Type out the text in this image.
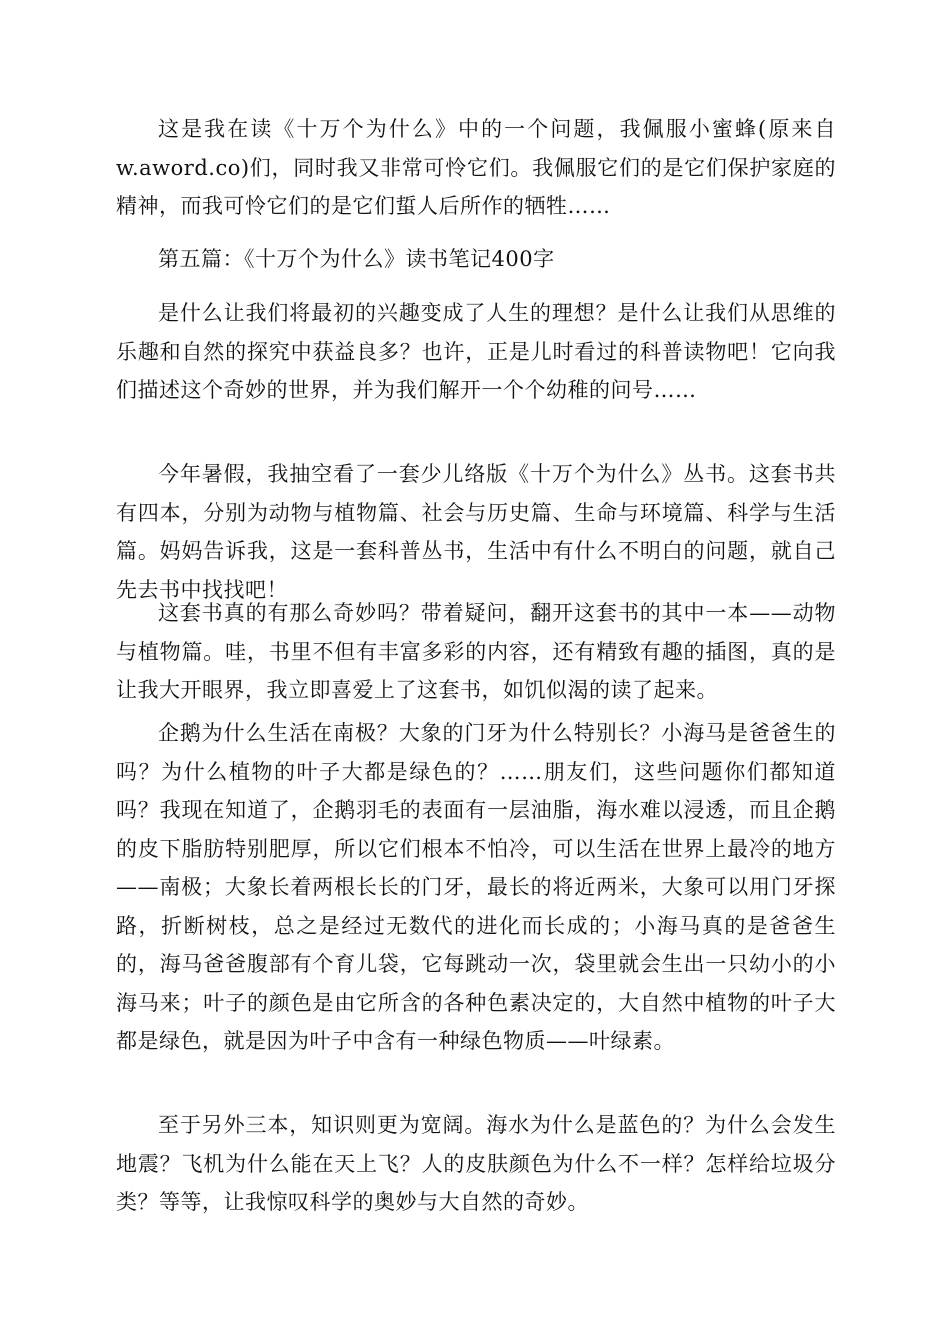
这是我在读《十万个为什么》中的一个问题，我佩服小蜜蜂(原来自w.aword.co)们，同时我又非常可怜它们。我佩服它们的是它们保护家庭的精神，而我可怜它们的是它们蜇人后所作的牺牲……

第五篇：《十万个为什么》读书笔记400字

是什么让我们将最初的兴趣变成了人生的理想？是什么让我们从思维的乐趣和自然的探究中获益良多？也许，正是儿时看过的科普读物吧！它向我们描述这个奇妙的世界，并为我们解开一个个幼稚的问号……

今年暑假，我抽空看了一套少儿络版《十万个为什么》丛书。这套书共有四本，分别为动物与植物篇、社会与历史篇、生命与环境篇、科学与生活篇。妈妈告诉我，这是一套科普丛书，生活中有什么不明白的问题，就自己先去书中找找吧！

这套书真的有那么奇妙吗？带着疑问，翻开这套书的其中一本——动物与植物篇。哇，书里不但有丰富多彩的内容，还有精致有趣的插图，真的是让我大开眼界，我立即喜爱上了这套书，如饥似渴的读了起来。

企鹅为什么生活在南极？大象的门牙为什么特别长？小海马是爸爸生的吗？为什么植物的叶子大都是绿色的？……朋友们，这些问题你们都知道吗？我现在知道了，企鹅羽毛的表面有一层油脂，海水难以浸透，而且企鹅的皮下脂肪特别肥厚，所以它们根本不怕冷，可以生活在世界上最冷的地方——南极；大象长着两根长长的门牙，最长的将近两米，大象可以用门牙探路，折断树枝，总之是经过无数代的进化而长成的；小海马真的是爸爸生的，海马爸爸腹部有个育儿袋，它每跳动一次，袋里就会生出一只幼小的小海马来；叶子的颜色是由它所含的各种色素决定的，大自然中植物的叶子大都是绿色，就是因为叶子中含有一种绿色物质——叶绿素。

至于另外三本，知识则更为宽阔。海水为什么是蓝色的？为什么会发生地震？飞机为什么能在天上飞？人的皮肤颜色为什么不一样？怎样给垃圾分类？等等，让我惊叹科学的奥妙与大自然的奇妙。
